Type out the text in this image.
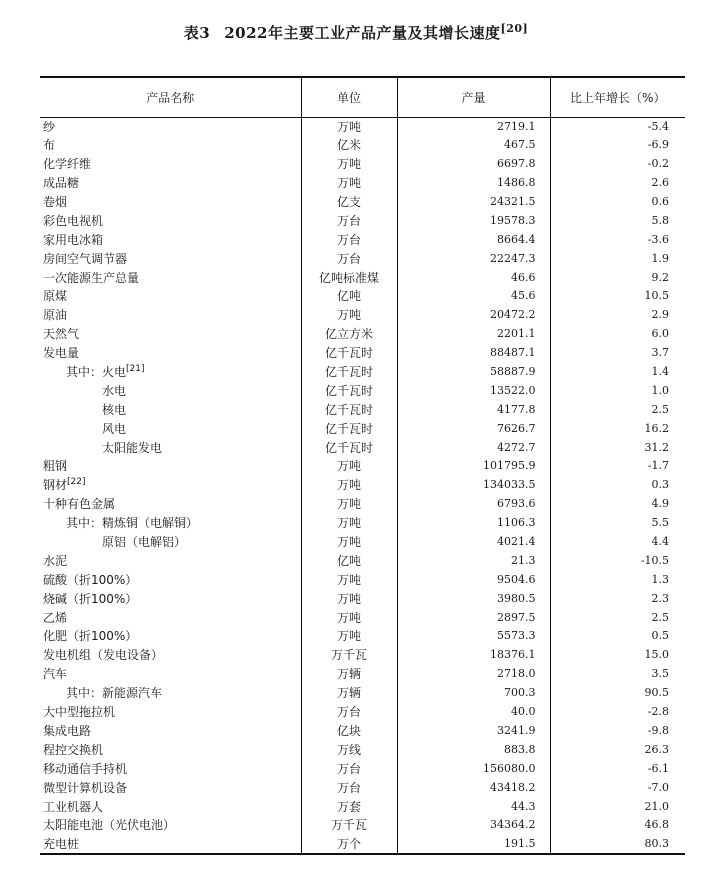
表3 2022年主要工业产品产量及其增长速度[20]
产品名称	单位	产量	比上年增长（%）
纱	万吨	2719.1	-5.4
布	亿米	467.5	-6.9
化学纤维	万吨	6697.8	-0.2
成品糖	万吨	1486.8	2.6
卷烟	亿支	24321.5	0.6
彩色电视机	万台	19578.3	5.8
家用电冰箱	万台	8664.4	-3.6
房间空气调节器	万台	22247.3	1.9
一次能源生产总量	亿吨标准煤	46.6	9.2
原煤	亿吨	45.6	10.5
原油	万吨	20472.2	2.9
天然气	亿立方米	2201.1	6.0
发电量	亿千瓦时	88487.1	3.7
其中：火电[21]	亿千瓦时	58887.9	1.4
水电	亿千瓦时	13522.0	1.0
核电	亿千瓦时	4177.8	2.5
风电	亿千瓦时	7626.7	16.2
太阳能发电	亿千瓦时	4272.7	31.2
粗钢	万吨	101795.9	-1.7
钢材[22]	万吨	134033.5	0.3
十种有色金属	万吨	6793.6	4.9
其中：精炼铜（电解铜）	万吨	1106.3	5.5
原铝（电解铝）	万吨	4021.4	4.4
水泥	亿吨	21.3	-10.5
硫酸（折100%）	万吨	9504.6	1.3
烧碱（折100%）	万吨	3980.5	2.3
乙烯	万吨	2897.5	2.5
化肥（折100%）	万吨	5573.3	0.5
发电机组（发电设备）	万千瓦	18376.1	15.0
汽车	万辆	2718.0	3.5
其中：新能源汽车	万辆	700.3	90.5
大中型拖拉机	万台	40.0	-2.8
集成电路	亿块	3241.9	-9.8
程控交换机	万线	883.8	26.3
移动通信手持机	万台	156080.0	-6.1
微型计算机设备	万台	43418.2	-7.0
工业机器人	万套	44.3	21.0
太阳能电池（光伏电池）	万千瓦	34364.2	46.8
充电桩	万个	191.5	80.3
